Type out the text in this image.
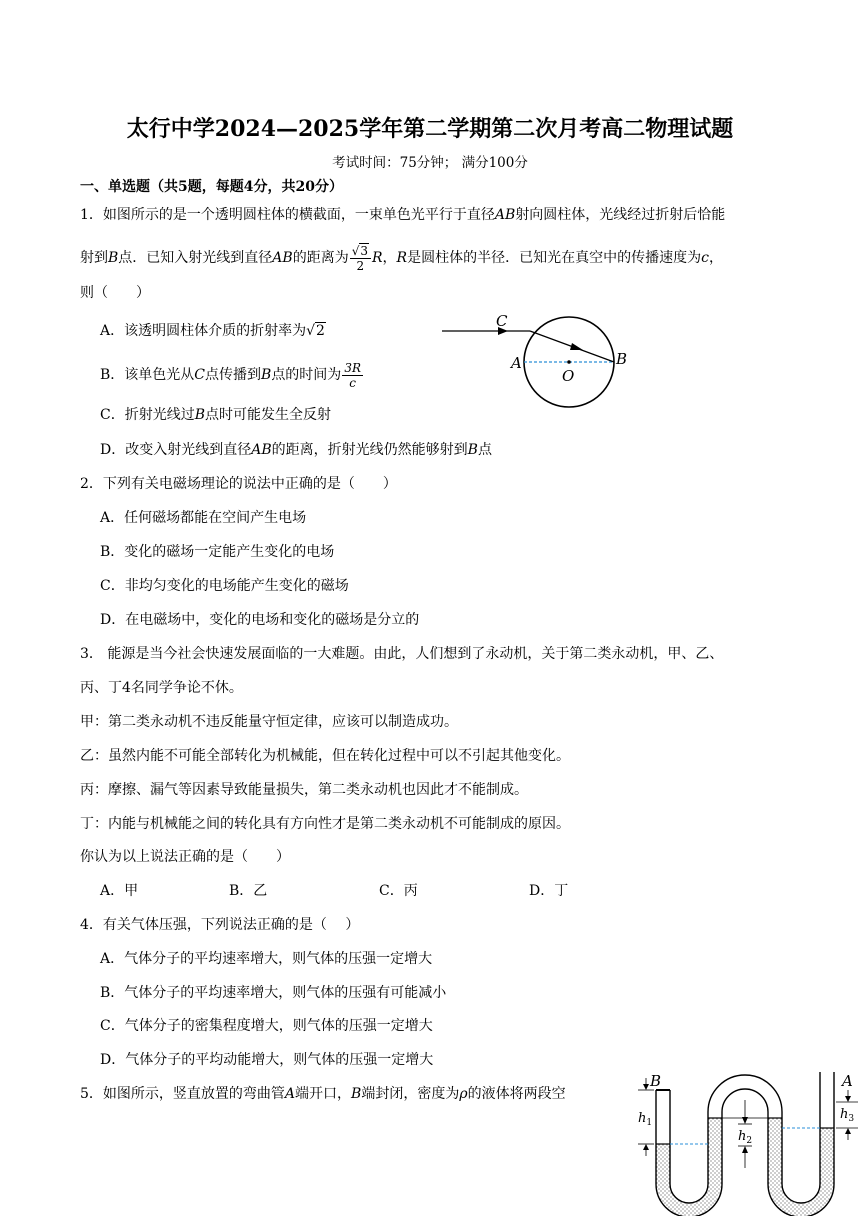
太行中学2024—2025学年第二学期第二次月考高二物理试题
考试时间：75分钟； 满分100分
一、单选题（共5题，每题4分，共20分）
1．如图所示的是一个透明圆柱体的横截面，一束单色光平行于直径AB射向圆柱体，光线经过折射后恰能
射到B点．已知入射光线到直径AB的距离为 $\frac{√3}{2}$ R，R是圆柱体的半径．已知光在真空中的传播速度为c，
则（　　）
A．该透明圆柱体介质的折射率为√2
B．该单色光从C点传播到B点的时间为 $\frac{3R}{c}$
C．折射光线过B点时可能发生全反射
D．改变入射光线到直径AB的距离，折射光线仍然能够射到B点
C
A	B
O
2．下列有关电磁场理论的说法中正确的是（　　）
A．任何磁场都能在空间产生电场
B．变化的磁场一定能产生变化的电场
C．非均匀变化的电场能产生变化的磁场
D．在电磁场中，变化的电场和变化的磁场是分立的
3． 能源是当今社会快速发展面临的一大难题。由此，人们想到了永动机，关于第二类永动机，甲、乙、
丙、丁4名同学争论不休。
甲：第二类永动机不违反能量守恒定律，应该可以制造成功。
乙：虽然内能不可能全部转化为机械能，但在转化过程中可以不引起其他变化。
丙：摩擦、漏气等因素导致能量损失，第二类永动机也因此才不能制成。
丁：内能与机械能之间的转化具有方向性才是第二类永动机不可能制成的原因。
你认为以上说法正确的是（　　）
A．甲	B．乙	C．丙	D．丁
4．有关气体压强，下列说法正确的是（　 ）
A．气体分子的平均速率增大，则气体的压强一定增大
B．气体分子的平均速率增大，则气体的压强有可能减小
C．气体分子的密集程度增大，则气体的压强一定增大
D．气体分子的平均动能增大，则气体的压强一定增大
5．如图所示，竖直放置的弯曲管A端开口，B端封闭，密度为ρ的液体将两段空
B	A
$h_1$
$h_2$
$h_3$
